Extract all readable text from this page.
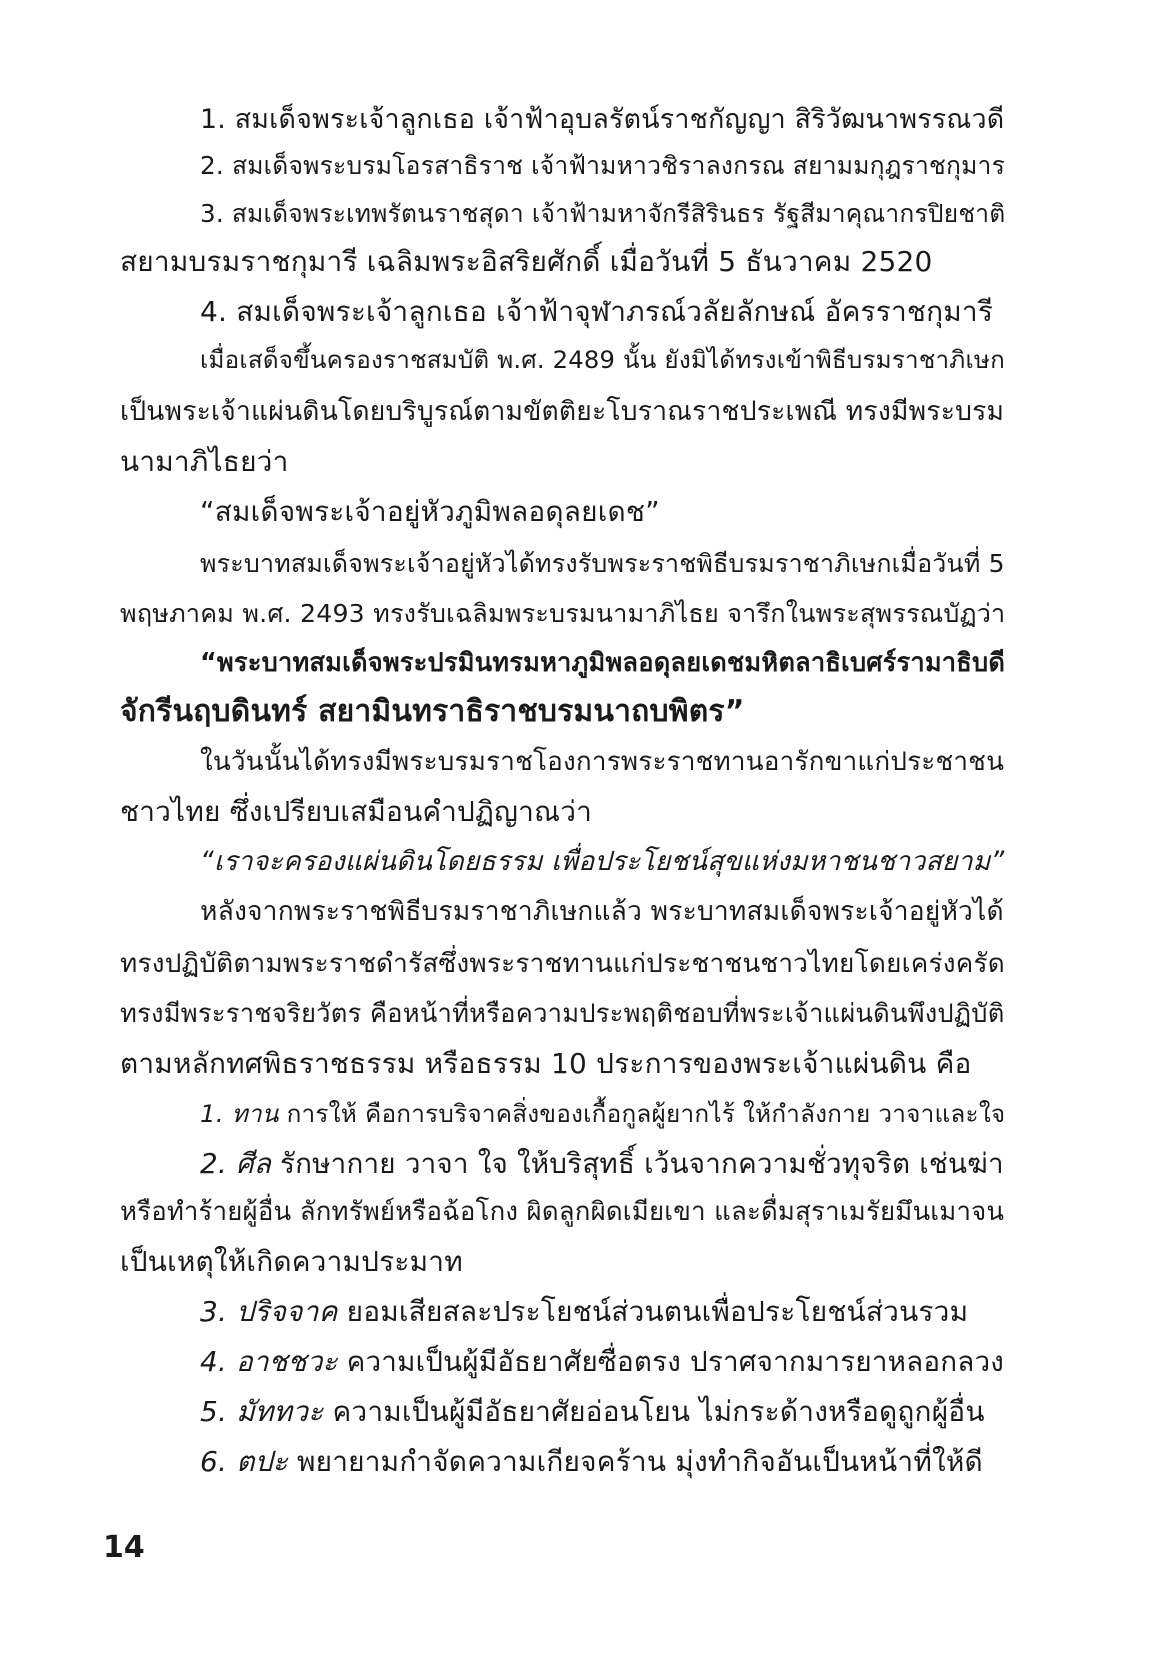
1. สมเด็จพระเจ้าลูกเธอ เจ้าฟ้าอุบลรัตน์ราชกัญญา สิริวัฒนาพรรณวดี
2. สมเด็จพระบรมโอรสาธิราช เจ้าฟ้ามหาวชิราลงกรณ สยามมกุฎราชกุมาร
3. สมเด็จพระเทพรัตนราชสุดา เจ้าฟ้ามหาจักรีสิรินธร รัฐสีมาคุณากรปิยชาติ
สยามบรมราชกุมารี เฉลิมพระอิสริยศักดิ์ เมื่อวันที่ 5 ธันวาคม 2520
4. สมเด็จพระเจ้าลูกเธอ เจ้าฟ้าจุฬาภรณ์วลัยลักษณ์ อัครราชกุมารี
เมื่อเสด็จขึ้นครองราชสมบัติ พ.ศ. 2489 นั้น ยังมิได้ทรงเข้าพิธีบรมราชาภิเษก
เป็นพระเจ้าแผ่นดินโดยบริบูรณ์ตามขัตติยะโบราณราชประเพณี ทรงมีพระบรม
นามาภิไธยว่า
“สมเด็จพระเจ้าอยู่หัวภูมิพลอดุลยเดช”
พระบาทสมเด็จพระเจ้าอยู่หัวได้ทรงรับพระราชพิธีบรมราชาภิเษกเมื่อวันที่ 5
พฤษภาคม พ.ศ. 2493 ทรงรับเฉลิมพระบรมนามาภิไธย จารึกในพระสุพรรณบัฏว่า
“พระบาทสมเด็จพระปรมินทรมหาภูมิพลอดุลยเดชมหิตลาธิเบศร์รามาธิบดี
จักรีนฤบดินทร์ สยามินทราธิราชบรมนาถบพิตร”
ในวันนั้นได้ทรงมีพระบรมราชโองการพระราชทานอารักขาแก่ประชาชน
ชาวไทย ซึ่งเปรียบเสมือนคำปฏิญาณว่า
“เราจะครองแผ่นดินโดยธรรม เพื่อประโยชน์สุขแห่งมหาชนชาวสยาม”
หลังจากพระราชพิธีบรมราชาภิเษกแล้ว พระบาทสมเด็จพระเจ้าอยู่หัวได้
ทรงปฏิบัติตามพระราชดำรัสซึ่งพระราชทานแก่ประชาชนชาวไทยโดยเคร่งครัด
ทรงมีพระราชจริยวัตร คือหน้าที่หรือความประพฤติชอบที่พระเจ้าแผ่นดินพึงปฏิบัติ
ตามหลักทศพิธราชธรรม หรือธรรม 10 ประการของพระเจ้าแผ่นดิน คือ
1. ทาน การให้ คือการบริจาคสิ่งของเกื้อกูลผู้ยากไร้ ให้กำลังกาย วาจาและใจ
2. ศีล รักษากาย วาจา ใจ ให้บริสุทธิ์ เว้นจากความชั่วทุจริต เช่นฆ่า
หรือทำร้ายผู้อื่น ลักทรัพย์หรือฉ้อโกง ผิดลูกผิดเมียเขา และดื่มสุราเมรัยมึนเมาจน
เป็นเหตุให้เกิดความประมาท
3. ปริจจาค ยอมเสียสละประโยชน์ส่วนตนเพื่อประโยชน์ส่วนรวม
4. อาชชวะ ความเป็นผู้มีอัธยาศัยซื่อตรง ปราศจากมารยาหลอกลวง
5. มัททวะ ความเป็นผู้มีอัธยาศัยอ่อนโยน ไม่กระด้างหรือดูถูกผู้อื่น
6. ตปะ พยายามกำจัดความเกียจคร้าน มุ่งทำกิจอันเป็นหน้าที่ให้ดี
14
